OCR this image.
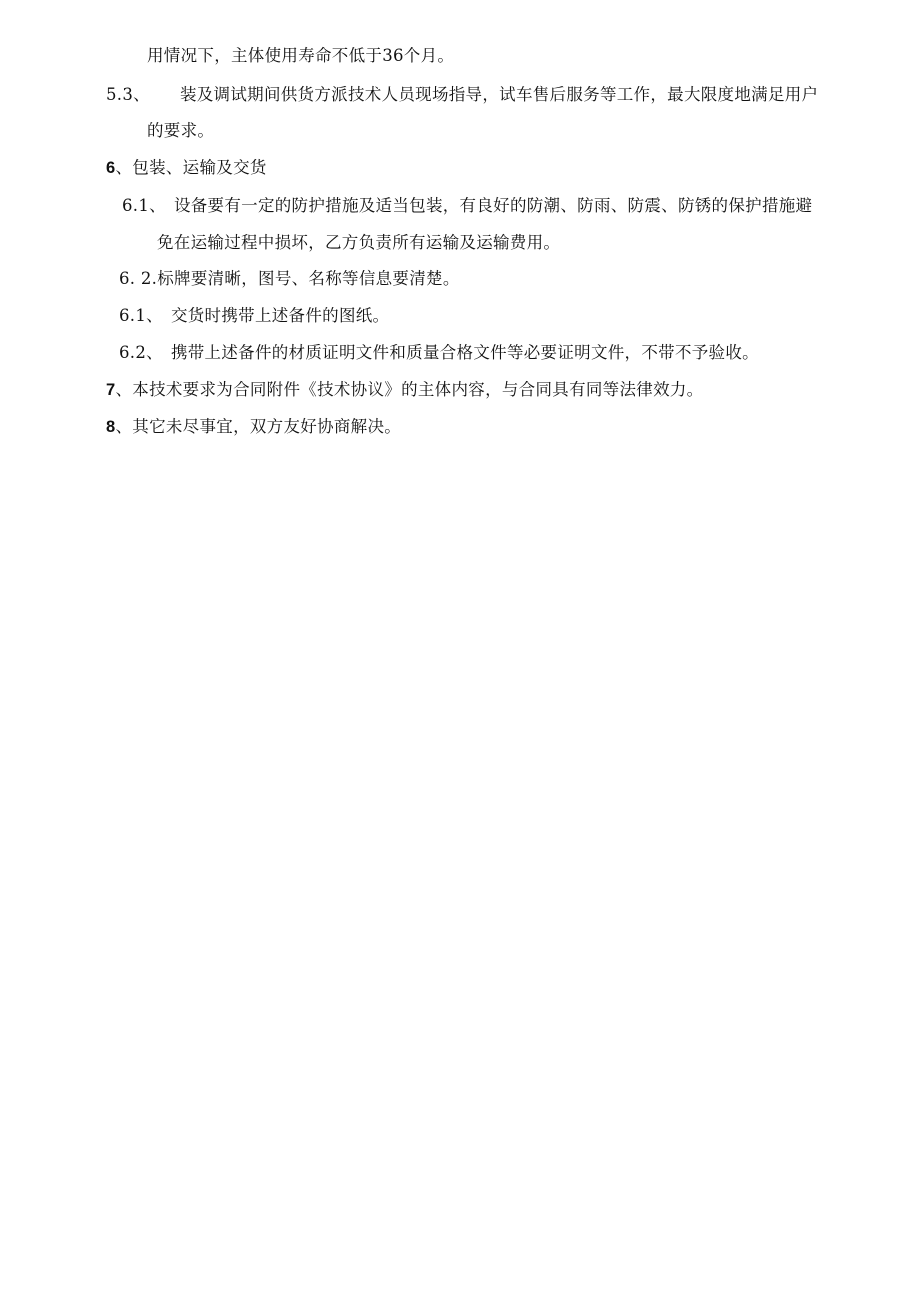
用情况下，主体使用寿命不低于36个月。
5.3、 装及调试期间供货方派技术人员现场指导，试车售后服务等工作，最大限度地满足用户
的要求。
6、包装、运输及交货
6.1、 设备要有一定的防护措施及适当包装，有良好的防潮、防雨、防震、防锈的保护措施避
免在运输过程中损坏，乙方负责所有运输及运输费用。
6. 2.标牌要清晰，图号、名称等信息要清楚。
6.1、 交货时携带上述备件的图纸。
6.2、 携带上述备件的材质证明文件和质量合格文件等必要证明文件，不带不予验收。
7、本技术要求为合同附件《技术协议》的主体内容，与合同具有同等法律效力。
8、其它未尽事宜，双方友好协商解决。
